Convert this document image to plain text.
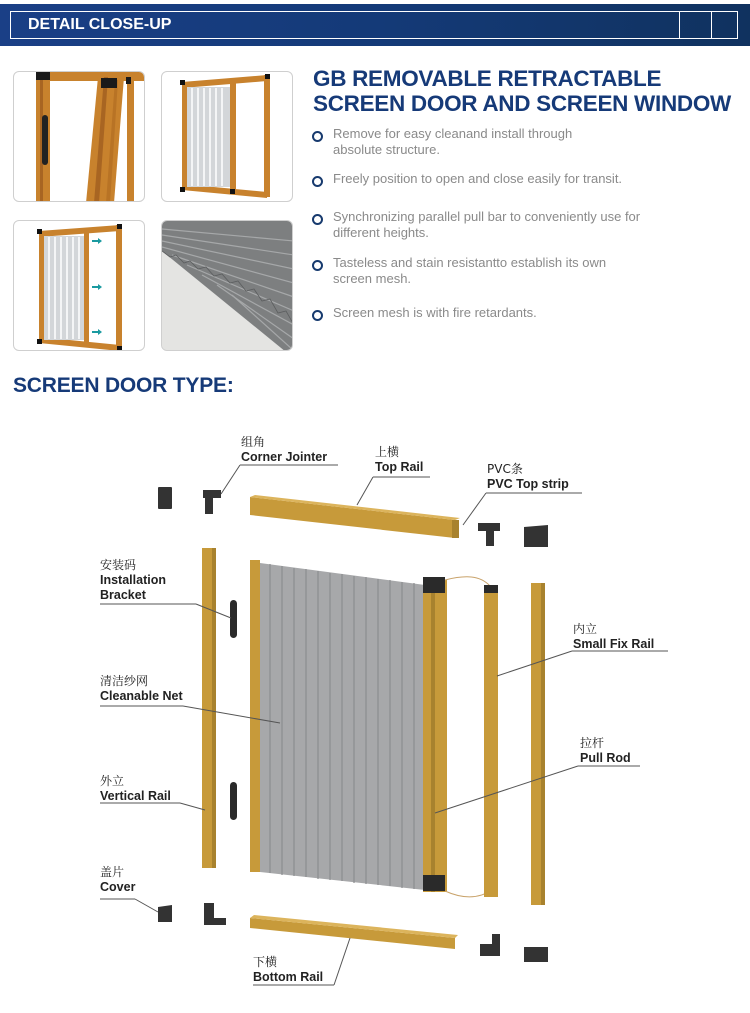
DETAIL CLOSE-UP
GB REMOVABLE RETRACTABLE
SCREEN DOOR AND SCREEN WINDOW
Remove for easy cleanand install through
absolute structure.
Freely position to open and close easily for transit.
Synchronizing parallel pull bar to conveniently use for
different heights.
Tasteless and stain resistantto establish its own
screen mesh.
Screen mesh is with fire retardants.
SCREEN DOOR TYPE:
组角
Corner Jointer	上横
Top Rail	PVC条
PVC Top strip
安装码
Installation
Bracket
清洁纱网
Cleanable Net
外立
Vertical Rail
盖片
Cover
内立
Small Fix Rail
拉杆
Pull Rod
下横
Bottom Rail
